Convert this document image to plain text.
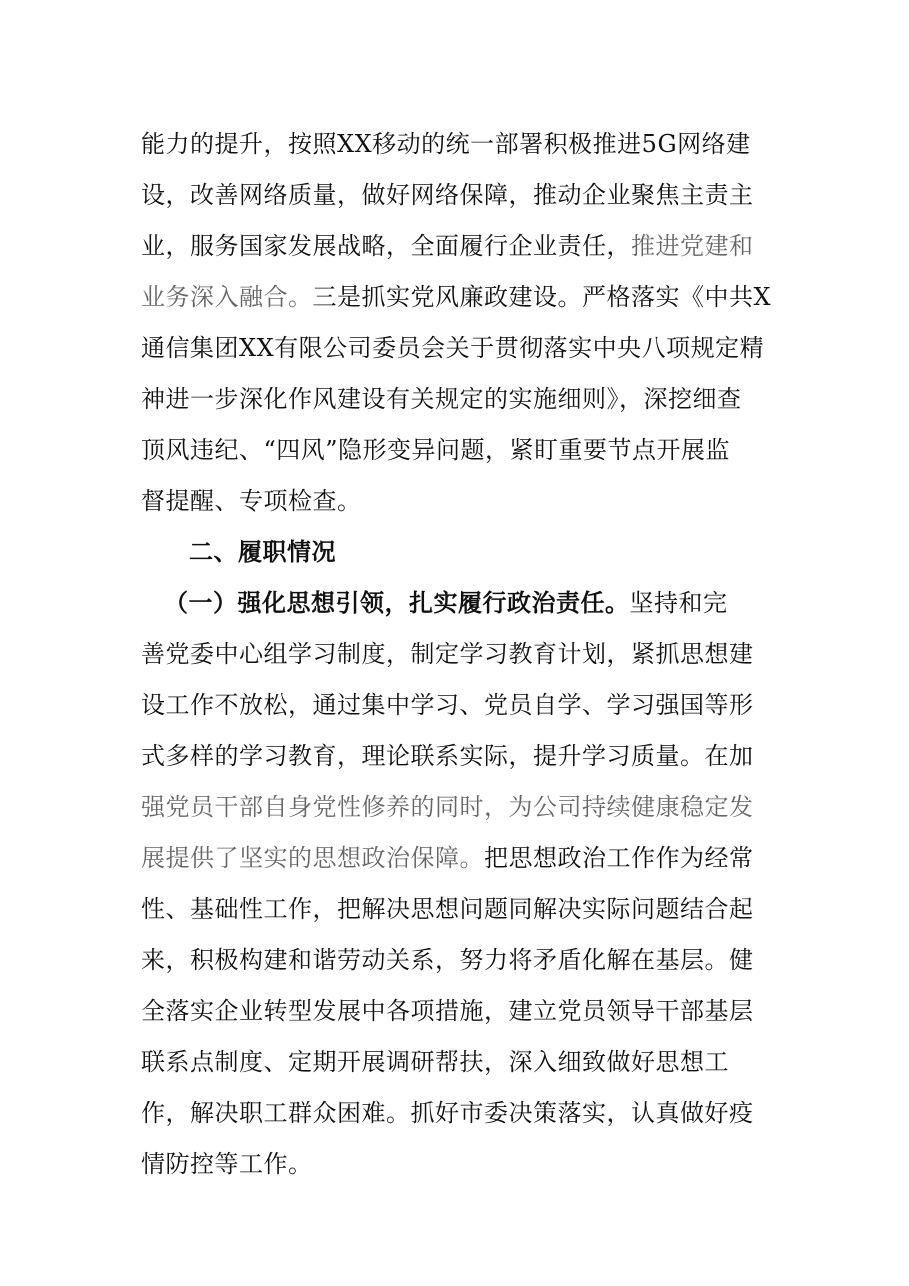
能力的提升，按照XX移动的统一部署积极推进5G网络建
设，改善网络质量，做好网络保障，推动企业聚焦主责主
业，服务国家发展战略，全面履行企业责任，推进党建和
业务深入融合。三是抓实党风廉政建设。严格落实《中共X
通信集团XX有限公司委员会关于贯彻落实中央八项规定精
神进一步深化作风建设有关规定的实施细则》，深挖细查
顶风违纪、“四风”隐形变异问题，紧盯重要节点开展监
督提醒、专项检查。
二、履职情况
（一）强化思想引领，扎实履行政治责任。坚持和完
善党委中心组学习制度，制定学习教育计划，紧抓思想建
设工作不放松，通过集中学习、党员自学、学习强国等形
式多样的学习教育，理论联系实际，提升学习质量。在加
强党员干部自身党性修养的同时，为公司持续健康稳定发
展提供了坚实的思想政治保障。把思想政治工作作为经常
性、基础性工作，把解决思想问题同解决实际问题结合起
来，积极构建和谐劳动关系，努力将矛盾化解在基层。健
全落实企业转型发展中各项措施，建立党员领导干部基层
联系点制度、定期开展调研帮扶，深入细致做好思想工
作，解决职工群众困难。抓好市委决策落实，认真做好疫
情防控等工作。
